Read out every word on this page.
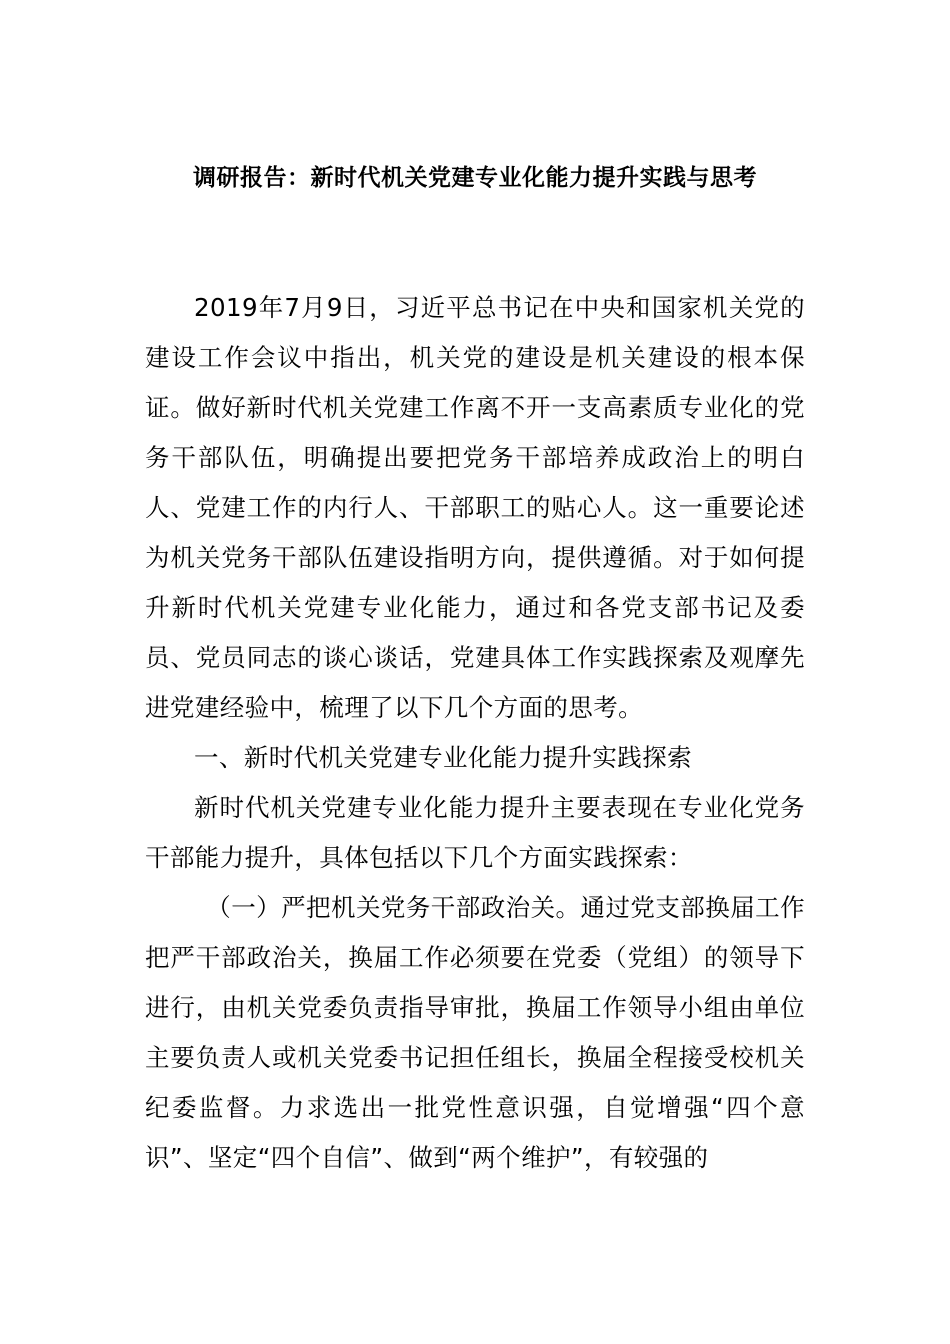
调研报告：新时代机关党建专业化能力提升实践与思考

2019年7月9日，习近平总书记在中央和国家机关党的建设工作会议中指出，机关党的建设是机关建设的根本保证。做好新时代机关党建工作离不开一支高素质专业化的党务干部队伍，明确提出要把党务干部培养成政治上的明白人、党建工作的内行人、干部职工的贴心人。这一重要论述为机关党务干部队伍建设指明方向，提供遵循。对于如何提升新时代机关党建专业化能力，通过和各党支部书记及委员、党员同志的谈心谈话，党建具体工作实践探索及观摩先进党建经验中，梳理了以下几个方面的思考。

一、新时代机关党建专业化能力提升实践探索

新时代机关党建专业化能力提升主要表现在专业化党务干部能力提升，具体包括以下几个方面实践探索：

（一）严把机关党务干部政治关。通过党支部换届工作把严干部政治关，换届工作必须要在党委（党组）的领导下进行，由机关党委负责指导审批，换届工作领导小组由单位主要负责人或机关党委书记担任组长，换届全程接受校机关纪委监督。力求选出一批党性意识强，自觉增强“四个意识”、坚定“四个自信”、做到“两个维护”，有较强的
